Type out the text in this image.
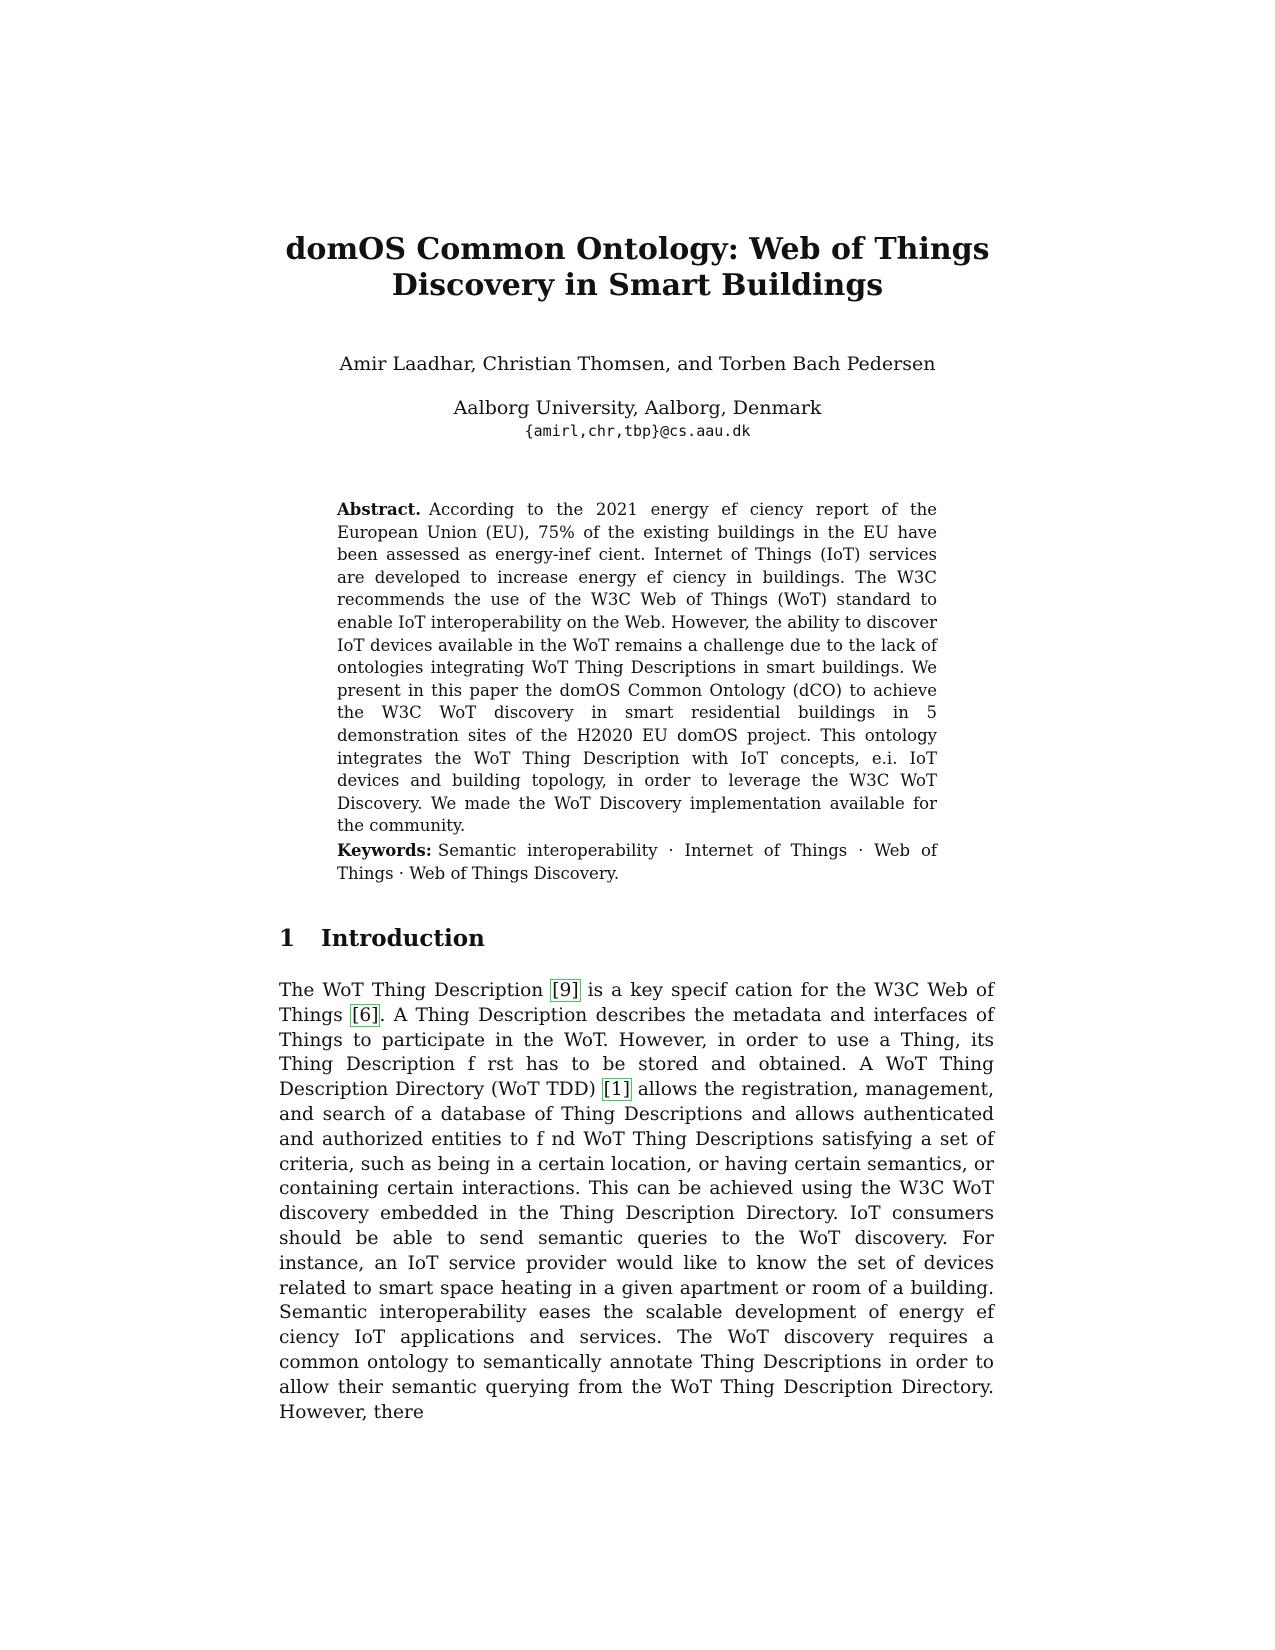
domOS Common Ontology: Web of Things Discovery in Smart Buildings
Amir Laadhar, Christian Thomsen, and Torben Bach Pedersen
Aalborg University, Aalborg, Denmark
{amirl,chr,tbp}@cs.aau.dk
Abstract. According to the 2021 energy ef ciency report of the European Union (EU), 75% of the existing buildings in the EU have been assessed as energy-inef cient. Internet of Things (IoT) services are developed to increase energy ef ciency in buildings. The W3C recommends the use of the W3C Web of Things (WoT) standard to enable IoT interoperability on the Web. However, the ability to discover IoT devices available in the WoT remains a challenge due to the lack of ontologies integrating WoT Thing Descriptions in smart buildings. We present in this paper the domOS Common Ontology (dCO) to achieve the W3C WoT discovery in smart residential buildings in 5 demonstration sites of the H2020 EU domOS project. This ontology integrates the WoT Thing Description with IoT concepts, e.i. IoT devices and building topology, in order to leverage the W3C WoT Discovery. We made the WoT Discovery implementation available for the community.
Keywords: Semantic interoperability · Internet of Things · Web of Things · Web of Things Discovery.
1 Introduction
The WoT Thing Description [9] is a key specif cation for the W3C Web of Things [6]. A Thing Description describes the metadata and interfaces of Things to participate in the WoT. However, in order to use a Thing, its Thing Description f rst has to be stored and obtained. A WoT Thing Description Directory (WoT TDD) [1] allows the registration, management, and search of a database of Thing Descriptions and allows authenticated and authorized entities to f nd WoT Thing Descriptions satisfying a set of criteria, such as being in a certain location, or having certain semantics, or containing certain interactions. This can be achieved using the W3C WoT discovery embedded in the Thing Description Directory. IoT consumers should be able to send semantic queries to the WoT discovery. For instance, an IoT service provider would like to know the set of devices related to smart space heating in a given apartment or room of a building. Semantic interoperability eases the scalable development of energy ef ciency IoT applications and services. The WoT discovery requires a common ontology to semantically annotate Thing Descriptions in order to allow their semantic querying from the WoT Thing Description Directory. However, there
